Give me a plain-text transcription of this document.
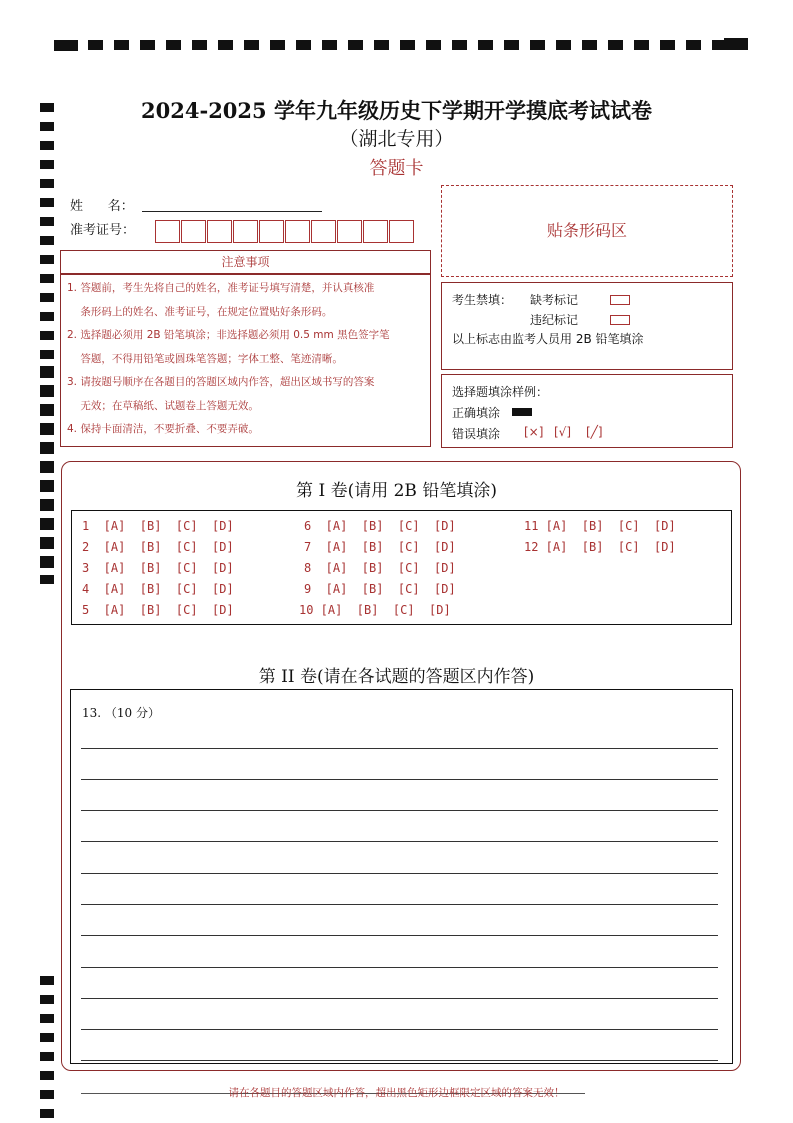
2024-2025 学年九年级历史下学期开学摸底考试试卷
（湖北专用）
答题卡
姓      名：
准考证号：	贴条形码区
注意事项
1. 答题前，考生先将自己的姓名，准考证号填写清楚，并认真核准
条形码上的姓名、准考证号，在规定位置贴好条形码。
2. 选择题必须用 2B 铅笔填涂；非选择题必须用 0.5 mm 黑色签字笔
答题，不得用铅笔或圆珠笔答题；字体工整、笔迹清晰。
3. 请按题号顺序在各题目的答题区域内作答，超出区域书写的答案
无效；在草稿纸、试题卷上答题无效。
4. 保持卡面清洁，不要折叠、不要弄破。
考生禁填： 缺考标记
违纪标记
以上标志由监考人员用 2B 铅笔填涂
选择题填涂样例：
正确填涂
错误填涂 [×] [√] [╱]
第 I 卷(请用 2B 铅笔填涂)
1  [A]  [B]  [C]  [D]
2  [A]  [B]  [C]  [D]
3  [A]  [B]  [C]  [D]
4  [A]  [B]  [C]  [D]
5  [A]  [B]  [C]  [D]
6  [A]  [B]  [C]  [D]
7  [A]  [B]  [C]  [D]
8  [A]  [B]  [C]  [D]
9  [A]  [B]  [C]  [D]
10 [A]  [B]  [C]  [D]
11 [A]  [B]  [C]  [D]
12 [A]  [B]  [C]  [D]
第 II 卷(请在各试题的答题区内作答)
13. （10 分）
请在各题目的答题区域内作答，超出黑色矩形边框限定区域的答案无效！
